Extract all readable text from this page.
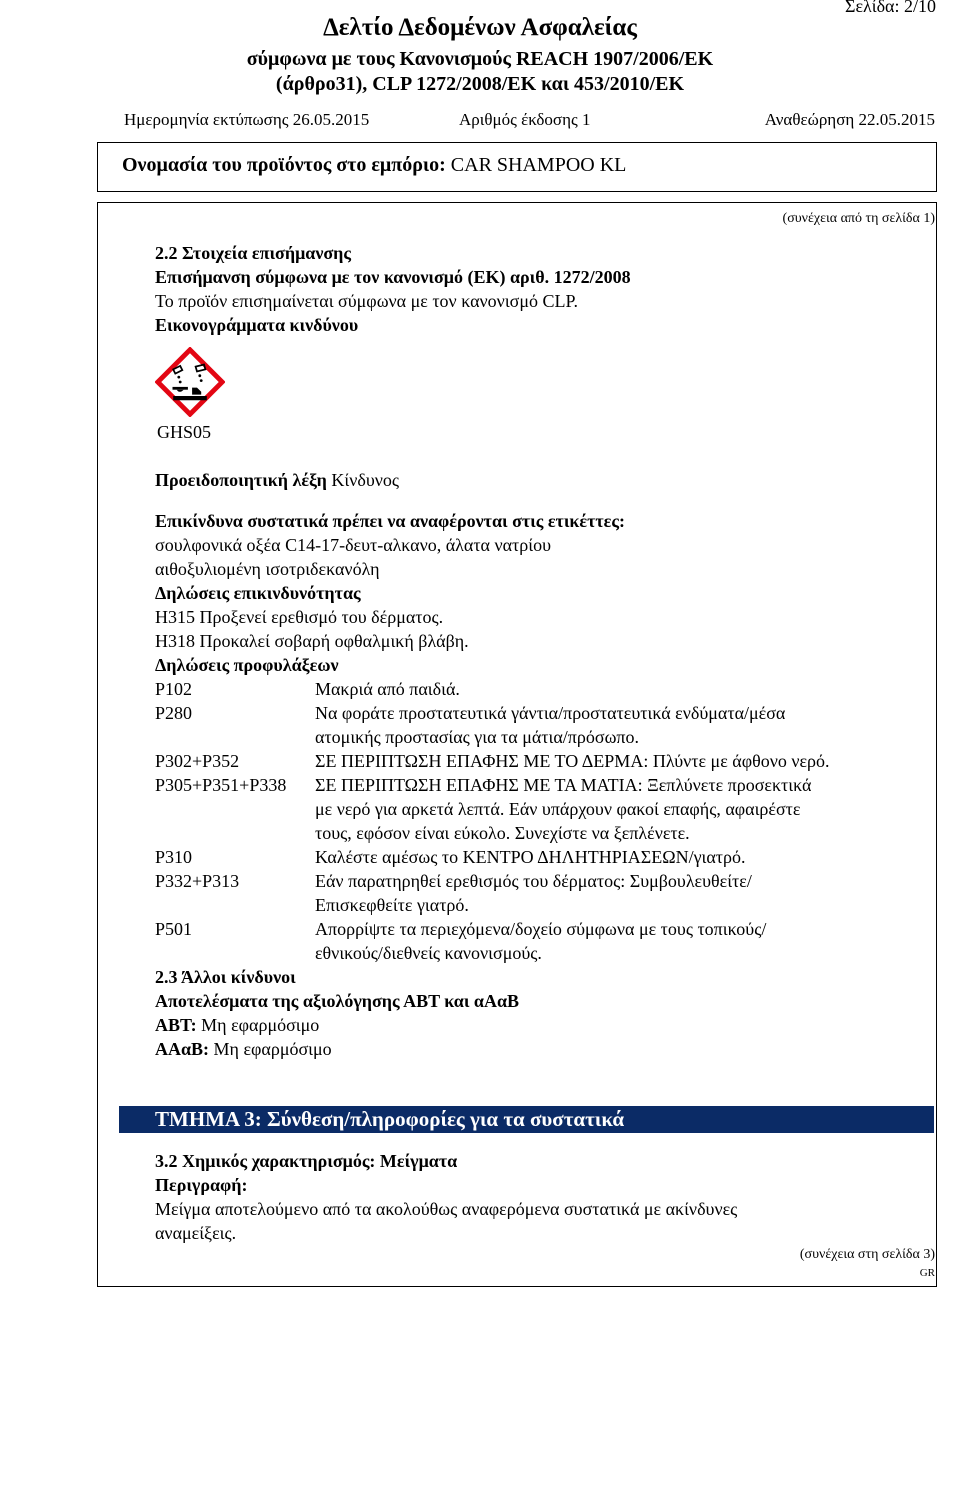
Σελίδα: 2/10
Δελτίο Δεδομένων Ασφαλείας
σύμφωνα με τους Κανονισμούς REACH 1907/2006/ΕΚ
(άρθρο31), CLP 1272/2008/ΕΚ και 453/2010/ΕΚ
Ημερομηνία εκτύπωσης 26.05.2015	Αριθμός έκδοσης 1	Αναθεώρηση 22.05.2015
Ονομασία του προϊόντος στο εμπόριο: CAR SHAMPOO KL
(συνέχεια από τη σελίδα 1)
2.2 Στοιχεία επισήμανσης
Επισήμανση σύμφωνα με τον κανονισμό (ΕΚ) αριθ. 1272/2008
Το προϊόν επισημαίνεται σύμφωνα με τον κανονισμό CLP.
Εικονογράμματα κινδύνου
GHS05
Προειδοποιητική λέξη Κίνδυνος
Επικίνδυνα συστατικά πρέπει να αναφέρονται στις ετικέττες:
σουλφονικά οξέα C14-17-δευτ-αλκανο, άλατα νατρίου
αιθοξυλιομένη ισοτριδεκανόλη
Δηλώσεις επικινδυνότητας
H315 Προξενεί ερεθισμό του δέρματος.
H318 Προκαλεί σοβαρή οφθαλμική βλάβη.
Δηλώσεις προφυλάξεων
P102	Μακριά από παιδιά.
P280	Να φοράτε προστατευτικά γάντια/προστατευτικά ενδύματα/μέσα
ατομικής προστασίας για τα μάτια/πρόσωπο.
P302+P352	ΣΕ ΠΕΡΙΠΤΩΣΗ ΕΠΑΦΗΣ ΜΕ ΤΟ ΔΕΡΜΑ: Πλύντε με άφθονο νερό.
P305+P351+P338 ΣΕ ΠΕΡΙΠΤΩΣΗ ΕΠΑΦΗΣ ΜΕ ΤΑ ΜΑΤΙΑ: Ξεπλύνετε προσεκτικά
με νερό για αρκετά λεπτά. Εάν υπάρχουν φακοί επαφής, αφαιρέστε
τους, εφόσον είναι εύκολο. Συνεχίστε να ξεπλένετε.
P310	Καλέστε αμέσως το ΚΕΝΤΡΟ ΔΗΛΗΤΗΡΙΑΣΕΩΝ/γιατρό.
P332+P313	Εάν παρατηρηθεί ερεθισμός του δέρματος: Συμβουλευθείτε/
Επισκεφθείτε γιατρό.
P501	Απορρίψτε τα περιεχόμενα/δοχείο σύμφωνα με τους τοπικούς/
εθνικούς/διεθνείς κανονισμούς.
2.3 Άλλοι κίνδυνοι
Αποτελέσματα της αξιολόγησης ΑΒΤ και αΑαΒ
ΑΒΤ: Μη εφαρμόσιμο
ΑΑαΒ: Μη εφαρμόσιμο
ΤΜΗΜΑ 3: Σύνθεση/πληροφορίες για τα συστατικά
3.2 Χημικός χαρακτηρισμός: Μείγματα
Περιγραφή:
Μείγμα αποτελούμενο από τα ακολούθως αναφερόμενα συστατικά με ακίνδυνες
αναμείξεις.
(συνέχεια στη σελίδα 3)
GR
